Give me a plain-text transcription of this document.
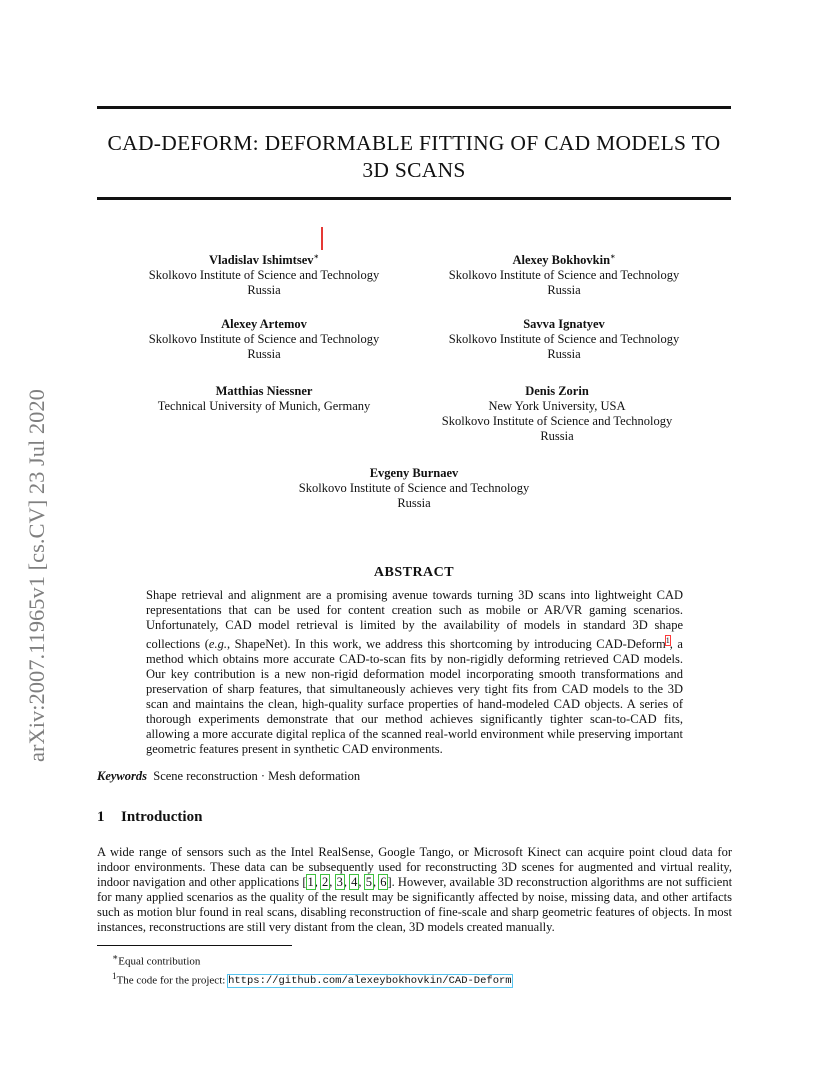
arXiv:2007.11965v1 [cs.CV] 23 Jul 2020
CAD-DEFORM: DEFORMABLE FITTING OF CAD MODELS TO
3D SCANS
Vladislav Ishimtsev∗
Skolkovo Institute of Science and Technology
Russia
Alexey Bokhovkin∗
Skolkovo Institute of Science and Technology
Russia
Alexey Artemov
Skolkovo Institute of Science and Technology
Russia
Savva Ignatyev
Skolkovo Institute of Science and Technology
Russia
Matthias Niessner
Technical University of Munich, Germany
Denis Zorin
New York University, USA
Skolkovo Institute of Science and Technology
Russia
Evgeny Burnaev
Skolkovo Institute of Science and Technology
Russia
ABSTRACT
Shape retrieval and alignment are a promising avenue towards turning 3D scans into lightweight CAD representations that can be used for content creation such as mobile or AR/VR gaming scenarios. Unfortunately, CAD model retrieval is limited by the availability of models in standard 3D shape collections (e.g., ShapeNet). In this work, we address this shortcoming by introducing CAD-Deform$^1$, a method which obtains more accurate CAD-to-scan fits by non-rigidly deforming retrieved CAD models. Our key contribution is a new non-rigid deformation model incorporating smooth transformations and preservation of sharp features, that simultaneously achieves very tight fits from CAD models to the 3D scan and maintains the clean, high-quality surface properties of hand-modeled CAD objects. A series of thorough experiments demonstrate that our method achieves significantly tighter scan-to-CAD fits, allowing a more accurate digital replica of the scanned real-world environment while preserving important geometric features present in synthetic CAD environments.
Keywords Scene reconstruction · Mesh deformation
1 Introduction
A wide range of sensors such as the Intel RealSense, Google Tango, or Microsoft Kinect can acquire point cloud data for indoor environments. These data can be subsequently used for reconstructing 3D scenes for augmented and virtual reality, indoor navigation and other applications [1, 2, 3, 4, 5, 6]. However, available 3D reconstruction algorithms are not sufficient for many applied scenarios as the quality of the result may be significantly affected by noise, missing data, and other artifacts such as motion blur found in real scans, disabling reconstruction of fine-scale and sharp geometric features of objects. In most instances, reconstructions are still very distant from the clean, 3D models created manually.
∗Equal contribution
$^1$The code for the project: https://github.com/alexeybokhovkin/CAD-Deform
